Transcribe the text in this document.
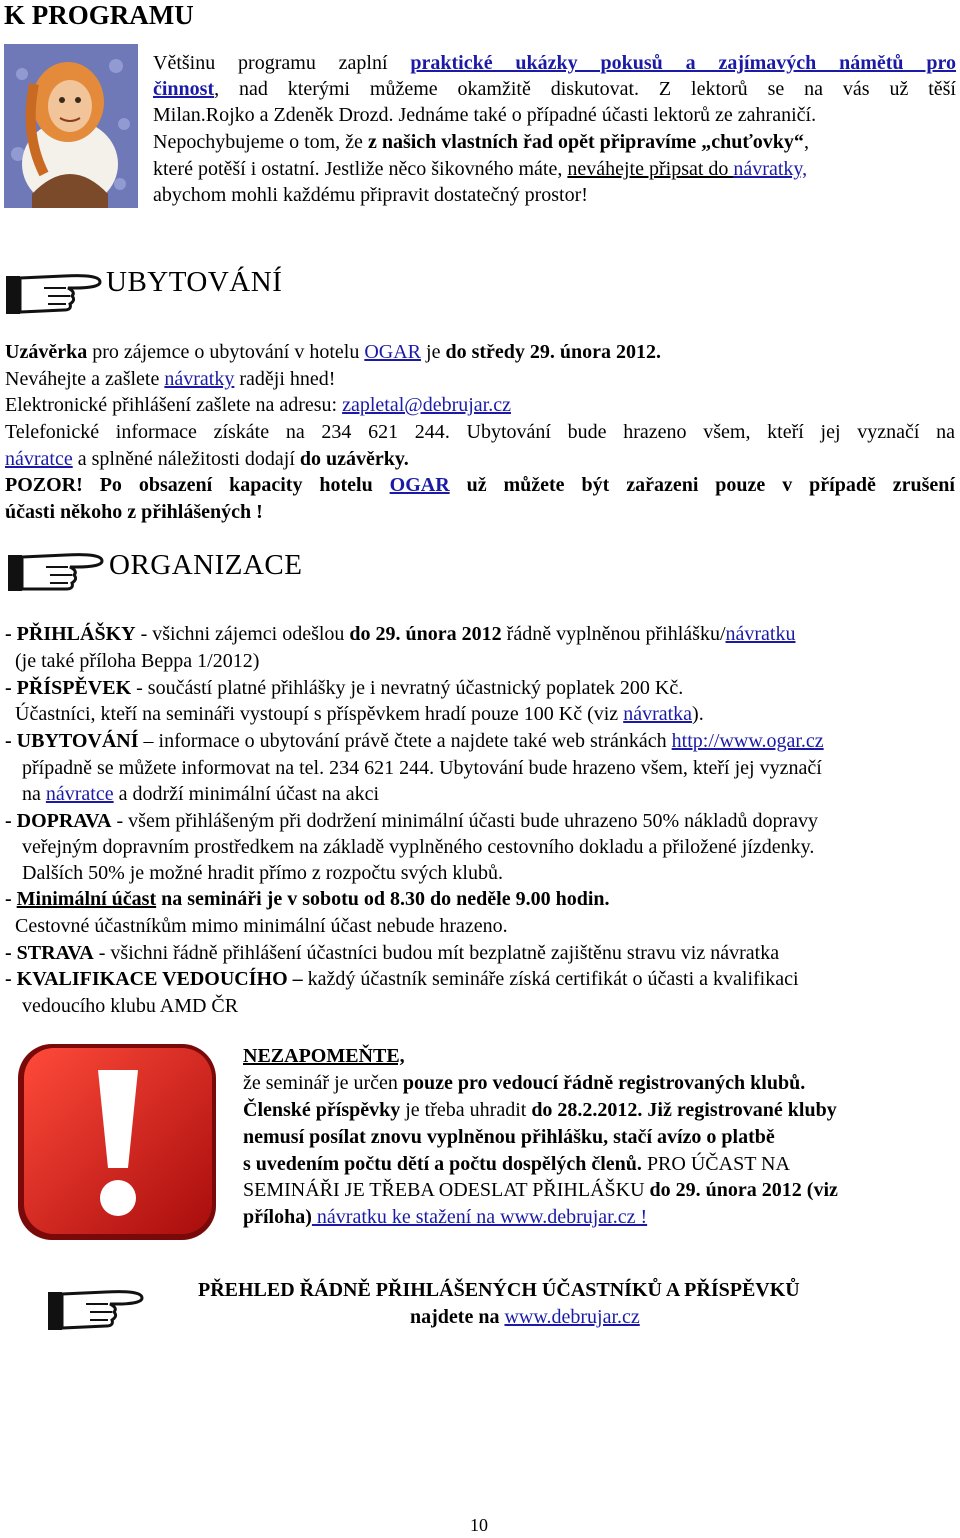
K PROGRAMU
Většinu programu zaplní praktické ukázky pokusů a zajímavých námětů pro
činnost, nad kterými můžeme okamžitě diskutovat. Z lektorů se na vás už těší
Milan.Rojko a Zdeněk Drozd. Jednáme také o případné účasti lektorů ze zahraničí.
Nepochybujeme o tom, že z našich vlastních řad opět připravíme „chuťovky“,
které potěší i ostatní. Jestliže něco šikovného máte, neváhejte připsat do návratky,
abychom mohli každému připravit dostatečný prostor!
UBYTOVÁNÍ
Uzávěrka pro zájemce o ubytování v hotelu OGAR je do středy 29. února 2012.
Neváhejte a zašlete návratky raději hned!
Elektronické přihlášení zašlete na adresu: zapletal@debrujar.cz
Telefonické informace získáte na 234 621 244. Ubytování bude hrazeno všem, kteří jej vyznačí na
návratce a splněné náležitosti dodají do uzávěrky.
POZOR! Po obsazení kapacity hotelu OGAR už můžete být zařazeni pouze v případě zrušení
účasti někoho z přihlášených !
ORGANIZACE
- PŘIHLÁŠKY - všichni zájemci odešlou do 29. února 2012 řádně vyplněnou přihlášku/návratku
(je také příloha Beppa 1/2012)
- PŘÍSPĚVEK - součástí platné přihlášky je i nevratný účastnický poplatek 200 Kč.
Účastníci, kteří na semináři vystoupí s příspěvkem hradí pouze 100 Kč (viz návratka).
- UBYTOVÁNÍ – informace o ubytování právě čtete a najdete také web stránkách http://www.ogar.cz
případně se můžete informovat na tel. 234 621 244. Ubytování bude hrazeno všem, kteří jej vyznačí
na návratce a dodrží minimální účast na akci
- DOPRAVA - všem přihlášeným při dodržení minimální účasti bude uhrazeno 50% nákladů dopravy
veřejným dopravním prostředkem na základě vyplněného cestovního dokladu a přiložené jízdenky.
Dalších 50% je možné hradit přímo z rozpočtu svých klubů.
- Minimální účast na semináři je v sobotu od 8.30 do neděle 9.00 hodin.
Cestovné účastníkům mimo minimální účast nebude hrazeno.
- STRAVA - všichni řádně přihlášení účastníci budou mít bezplatně zajištěnu stravu viz návratka
- KVALIFIKACE VEDOUCÍHO – každý účastník semináře získá certifikát o účasti a kvalifikaci
vedoucího klubu AMD ČR
NEZAPOMEŇTE,
že seminář je určen pouze pro vedoucí řádně registrovaných klubů.
Členské příspěvky je třeba uhradit do 28.2.2012. Již registrované kluby
nemusí posílat znovu vyplněnou přihlášku, stačí avízo o platbě
s uvedením počtu dětí a počtu dospělých členů. PRO ÚČAST NA
SEMINÁŘI JE TŘEBA ODESLAT PŘIHLÁŠKU do 29. února 2012 (viz
příloha) návratku ke stažení na www.debrujar.cz !
PŘEHLED ŘÁDNĚ PŘIHLÁŠENÝCH ÚČASTNÍKŮ A PŘÍSPĚVKŮ
najdete na www.debrujar.cz
10
